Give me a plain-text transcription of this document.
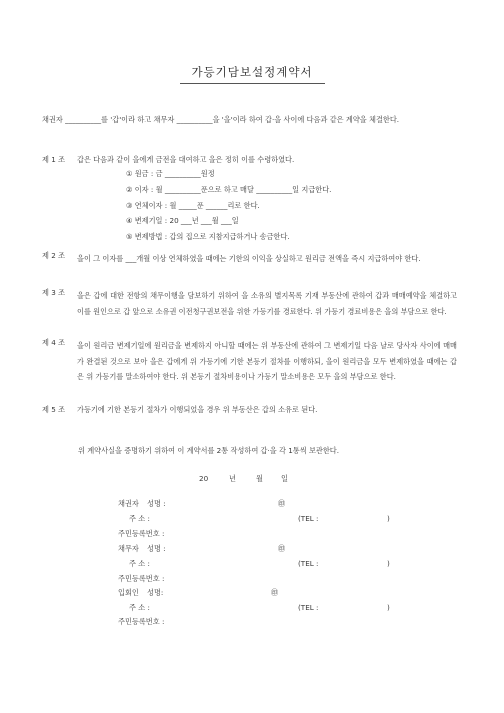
가등기담보설정계약서
채권자 __________를 '갑'이라 하고 채무자 __________을 '을'이라 하여 갑·을 사이에 다음과 같은 계약을 체결한다.
제 1 조	갑은 다음과 같이 을에게 금전을 대여하고 을은 정히 이를 수령하였다.
① 원금 : 금 __________원정
② 이자 : 월 __________푼으로 하고 매달 __________일 지급한다.
③ 연체이자 : 월 _____푼 ______리로 한다.
④ 변제기일 : 20 ___년 ___월 ___일
⑤ 변제방법 : 갑의 집으로 지참지급하거나 송금한다.
제 2 조	을이 그 이자를 ___개월 이상 연체하였을 때에는 기한의 이익을 상실하고 원리금 전액을 즉시 지급하여야 한다.
제 3 조	을은 갑에 대한 전항의 채무이행을 담보하기 위하여 을 소유의 별지목록 기재 부동산에 관하여 갑과 매매예약을 체결하고 이를 원인으로 갑 앞으로 소유권 이전청구권보전을 위한 가등기를 경료한다. 위 가등기 경료비용은 을의 부담으로 한다.
제 4 조	을이 원리금 변제기일에 원리금을 변제하지 아니할 때에는 위 부동산에 관하여 그 변제기일 다음 날로 당사자 사이에 매매가 완결된 것으로 보아 을은 갑에게 위 가등기에 기한 본등기 절차를 이행하되, 을이 원리금을 모두 변제하였을 때에는 갑은 위 가등기를 말소하여야 한다. 위 본등기 절차비용이나 가등기 말소비용은 모두 을의 부담으로 한다.
제 5 조	가등기에 기한 본등기 절차가 이행되었을 경우 위 부동산은 갑의 소유로 된다.
위 계약사실을 증명하기 위하여 이 계약서를 2통 작성하여 갑·을 각 1통씩 보관한다.
20	년	월	일
채권자 성명 :	㊞
주 소 :	(TEL :	)
주민등록번호 :
채무자 성명 :	㊞
주 소 :	(TEL :	)
주민등록번호 :
입회인 성명:	㊞
주 소 :	(TEL :	)
주민등록번호 :
